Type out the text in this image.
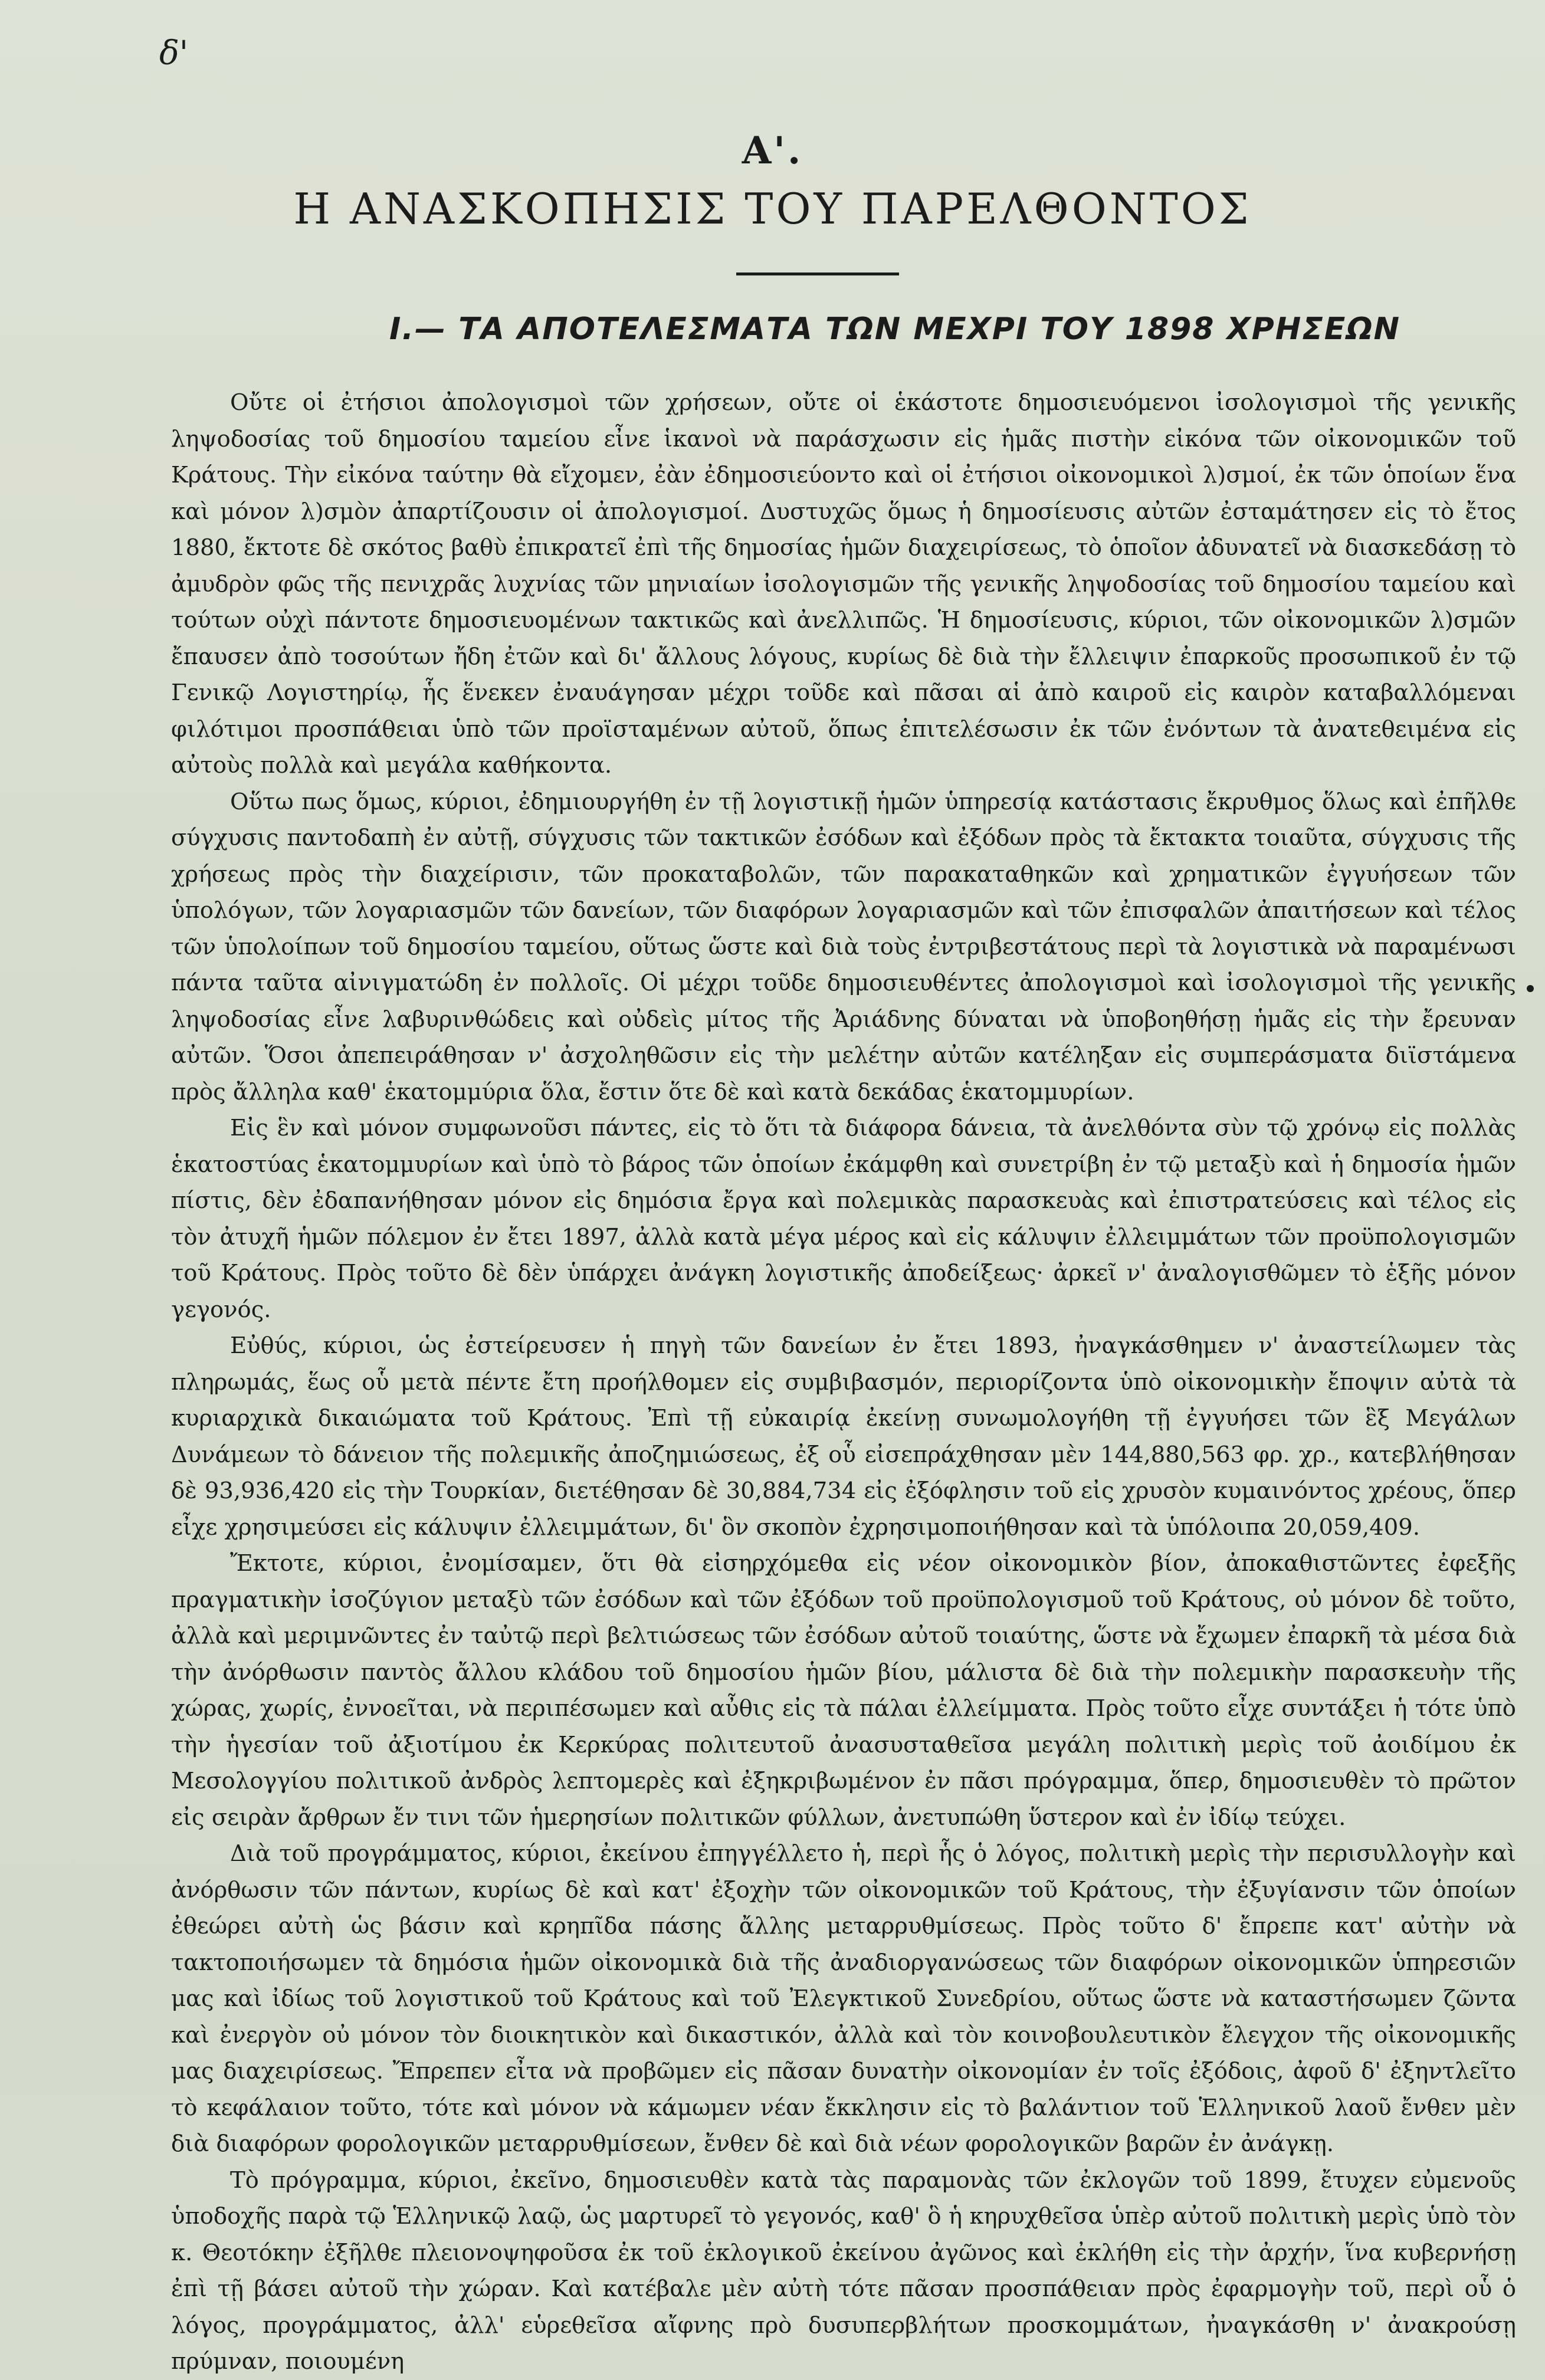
δ'
Α'.
Η ΑΝΑΣΚΟΠΗΣΙΣ ΤΟΥ ΠΑΡΕΛΘΟΝΤΟΣ
I.— ΤΑ ΑΠΟΤΕΛΕΣΜΑΤΑ ΤΩΝ ΜΕΧΡΙ ΤΟΥ 1898 ΧΡΗΣΕΩΝ

Οὔτε οἱ ἐτήσιοι ἀπολογισμοὶ τῶν χρήσεων, οὔτε οἱ ἑκάστοτε δημοσιευόμενοι ἰσολογισμοὶ τῆς γενικῆς ληψοδοσίας τοῦ δημοσίου ταμείου εἶνε ἱκανοὶ νὰ παράσχωσιν εἰς ἡμᾶς πιστὴν εἰκόνα τῶν οἰκονομικῶν τοῦ Κράτους. Τὴν εἰκόνα ταύτην θὰ εἴχομεν, ἐὰν ἐδημοσιεύοντο καὶ οἱ ἐτήσιοι οἰκονομικοὶ λ)σμοί, ἐκ τῶν ὁποίων ἕνα καὶ μόνον λ)σμὸν ἀπαρτίζουσιν οἱ ἀπολογισμοί. Δυστυχῶς ὅμως ἡ δημοσίευσις αὐτῶν ἐσταμάτησεν εἰς τὸ ἔτος 1880, ἔκτοτε δὲ σκότος βαθὺ ἐπικρατεῖ ἐπὶ τῆς δημοσίας ἡμῶν διαχειρίσεως, τὸ ὁποῖον ἀδυνατεῖ νὰ διασκεδάσῃ τὸ ἀμυδρὸν φῶς τῆς πενιχρᾶς λυχνίας τῶν μηνιαίων ἰσολογισμῶν τῆς γενικῆς ληψοδοσίας τοῦ δημοσίου ταμείου καὶ τούτων οὐχὶ πάντοτε δημοσιευομένων τακτικῶς καὶ ἀνελλιπῶς. Ἡ δημοσίευσις, κύριοι, τῶν οἰκονομικῶν λ)σμῶν ἔπαυσεν ἀπὸ τοσούτων ἤδη ἐτῶν καὶ δι' ἄλλους λόγους, κυρίως δὲ διὰ τὴν ἔλλειψιν ἐπαρκοῦς προσωπικοῦ ἐν τῷ Γενικῷ Λογιστηρίῳ, ἧς ἕνεκεν ἐναυάγησαν μέχρι τοῦδε καὶ πᾶσαι αἱ ἀπὸ καιροῦ εἰς καιρὸν καταβαλλόμεναι φιλότιμοι προσπάθειαι ὑπὸ τῶν προϊσταμένων αὐτοῦ, ὅπως ἐπιτελέσωσιν ἐκ τῶν ἐνόντων τὰ ἀνατεθειμένα εἰς αὐτοὺς πολλὰ καὶ μεγάλα καθήκοντα.

Οὕτω πως ὅμως, κύριοι, ἐδημιουργήθη ἐν τῇ λογιστικῇ ἡμῶν ὑπηρεσίᾳ κατάστασις ἔκρυθμος ὅλως καὶ ἐπῆλθε σύγχυσις παντοδαπὴ ἐν αὐτῇ, σύγχυσις τῶν τακτικῶν ἐσόδων καὶ ἐξόδων πρὸς τὰ ἔκτακτα τοιαῦτα, σύγχυσις τῆς χρήσεως πρὸς τὴν διαχείρισιν, τῶν προκαταβολῶν, τῶν παρακαταθηκῶν καὶ χρηματικῶν ἐγγυήσεων τῶν ὑπολόγων, τῶν λογαριασμῶν τῶν δανείων, τῶν διαφόρων λογαριασμῶν καὶ τῶν ἐπισφαλῶν ἀπαιτήσεων καὶ τέλος τῶν ὑπολοίπων τοῦ δημοσίου ταμείου, οὕτως ὥστε καὶ διὰ τοὺς ἐντριβεστάτους περὶ τὰ λογιστικὰ νὰ παραμένωσι πάντα ταῦτα αἰνιγματώδη ἐν πολλοῖς. Οἱ μέχρι τοῦδε δημοσιευθέντες ἀπολογισμοὶ καὶ ἰσολογισμοὶ τῆς γενικῆς ληψοδοσίας εἶνε λαβυρινθώδεις καὶ οὐδεὶς μίτος τῆς Ἀριάδνης δύναται νὰ ὑποβοηθήσῃ ἡμᾶς εἰς τὴν ἔρευναν αὐτῶν. Ὅσοι ἀπεπειράθησαν ν' ἀσχοληθῶσιν εἰς τὴν μελέτην αὐτῶν κατέληξαν εἰς συμπεράσματα διϊστάμενα πρὸς ἄλληλα καθ' ἑκατομμύρια ὅλα, ἔστιν ὅτε δὲ καὶ κατὰ δεκάδας ἑκατομμυρίων.

Εἰς ἓν καὶ μόνον συμφωνοῦσι πάντες, εἰς τὸ ὅτι τὰ διάφορα δάνεια, τὰ ἀνελθόντα σὺν τῷ χρόνῳ εἰς πολλὰς ἑκατοστύας ἑκατομμυρίων καὶ ὑπὸ τὸ βάρος τῶν ὁποίων ἐκάμφθη καὶ συνετρίβη ἐν τῷ μεταξὺ καὶ ἡ δημοσία ἡμῶν πίστις, δὲν ἐδαπανήθησαν μόνον εἰς δημόσια ἔργα καὶ πολεμικὰς παρασκευὰς καὶ ἐπιστρατεύσεις καὶ τέλος εἰς τὸν ἀτυχῆ ἡμῶν πόλεμον ἐν ἔτει 1897, ἀλλὰ κατὰ μέγα μέρος καὶ εἰς κάλυψιν ἐλλειμμάτων τῶν προϋπολογισμῶν τοῦ Κράτους. Πρὸς τοῦτο δὲ δὲν ὑπάρχει ἀνάγκη λογιστικῆς ἀποδείξεως· ἀρκεῖ ν' ἀναλογισθῶμεν τὸ ἑξῆς μόνον γεγονός.

Εὐθύς, κύριοι, ὡς ἐστείρευσεν ἡ πηγὴ τῶν δανείων ἐν ἔτει 1893, ἠναγκάσθημεν ν' ἀναστείλωμεν τὰς πληρωμάς, ἕως οὗ μετὰ πέντε ἔτη προήλθομεν εἰς συμβιβασμόν, περιορίζοντα ὑπὸ οἰκονομικὴν ἔποψιν αὐτὰ τὰ κυριαρχικὰ δικαιώματα τοῦ Κράτους. Ἐπὶ τῇ εὐκαιρίᾳ ἐκείνῃ συνωμολογήθη τῇ ἐγγυήσει τῶν ἓξ Μεγάλων Δυνάμεων τὸ δάνειον τῆς πολεμικῆς ἀποζημιώσεως, ἐξ οὗ εἰσεπράχθησαν μὲν 144,880,563 φρ. χρ., κατεβλήθησαν δὲ 93,936,420 εἰς τὴν Τουρκίαν, διετέθησαν δὲ 30,884,734 εἰς ἐξόφλησιν τοῦ εἰς χρυσὸν κυμαινόντος χρέους, ὅπερ εἶχε χρησιμεύσει εἰς κάλυψιν ἐλλειμμάτων, δι' ὃν σκοπὸν ἐχρησιμοποιήθησαν καὶ τὰ ὑπόλοιπα 20,059,409.

Ἔκτοτε, κύριοι, ἐνομίσαμεν, ὅτι θὰ εἰσηρχόμεθα εἰς νέον οἰκονομικὸν βίον, ἀποκαθιστῶντες ἐφεξῆς πραγματικὴν ἰσοζύγιον μεταξὺ τῶν ἐσόδων καὶ τῶν ἐξόδων τοῦ προϋπολογισμοῦ τοῦ Κράτους, οὐ μόνον δὲ τοῦτο, ἀλλὰ καὶ μεριμνῶντες ἐν ταὐτῷ περὶ βελτιώσεως τῶν ἐσόδων αὐτοῦ τοιαύτης, ὥστε νὰ ἔχωμεν ἐπαρκῆ τὰ μέσα διὰ τὴν ἀνόρθωσιν παντὸς ἄλλου κλάδου τοῦ δημοσίου ἡμῶν βίου, μάλιστα δὲ διὰ τὴν πολεμικὴν παρασκευὴν τῆς χώρας, χωρίς, ἐννοεῖται, νὰ περιπέσωμεν καὶ αὖθις εἰς τὰ πάλαι ἐλλείμματα. Πρὸς τοῦτο εἶχε συντάξει ἡ τότε ὑπὸ τὴν ἡγεσίαν τοῦ ἀξιοτίμου ἐκ Κερκύρας πολιτευτοῦ ἀνασυσταθεῖσα μεγάλη πολιτικὴ μερὶς τοῦ ἀοιδίμου ἐκ Μεσολογγίου πολιτικοῦ ἀνδρὸς λεπτομερὲς καὶ ἐξηκριβωμένον ἐν πᾶσι πρόγραμμα, ὅπερ, δημοσιευθὲν τὸ πρῶτον εἰς σειρὰν ἄρθρων ἔν τινι τῶν ἡμερησίων πολιτικῶν φύλλων, ἀνετυπώθη ὕστερον καὶ ἐν ἰδίῳ τεύχει.

Διὰ τοῦ προγράμματος, κύριοι, ἐκείνου ἐπηγγέλλετο ἡ, περὶ ἧς ὁ λόγος, πολιτικὴ μερὶς τὴν περισυλλογὴν καὶ ἀνόρθωσιν τῶν πάντων, κυρίως δὲ καὶ κατ' ἐξοχὴν τῶν οἰκονομικῶν τοῦ Κράτους, τὴν ἐξυγίανσιν τῶν ὁποίων ἐθεώρει αὐτὴ ὡς βάσιν καὶ κρηπῖδα πάσης ἄλλης μεταρρυθμίσεως. Πρὸς τοῦτο δ' ἔπρεπε κατ' αὐτὴν νὰ τακτοποιήσωμεν τὰ δημόσια ἡμῶν οἰκονομικὰ διὰ τῆς ἀναδιοργανώσεως τῶν διαφόρων οἰκονομικῶν ὑπηρεσιῶν μας καὶ ἰδίως τοῦ λογιστικοῦ τοῦ Κράτους καὶ τοῦ Ἐλεγκτικοῦ Συνεδρίου, οὕτως ὥστε νὰ καταστήσωμεν ζῶντα καὶ ἐνεργὸν οὐ μόνον τὸν διοικητικὸν καὶ δικαστικόν, ἀλλὰ καὶ τὸν κοινοβουλευτικὸν ἔλεγχον τῆς οἰκονομικῆς μας διαχειρίσεως. Ἔπρεπεν εἶτα νὰ προβῶμεν εἰς πᾶσαν δυνατὴν οἰκονομίαν ἐν τοῖς ἐξόδοις, ἀφοῦ δ' ἐξηντλεῖτο τὸ κεφάλαιον τοῦτο, τότε καὶ μόνον νὰ κάμωμεν νέαν ἔκκλησιν εἰς τὸ βαλάντιον τοῦ Ἑλληνικοῦ λαοῦ ἔνθεν μὲν διὰ διαφόρων φορολογικῶν μεταρρυθμίσεων, ἔνθεν δὲ καὶ διὰ νέων φορολογικῶν βαρῶν ἐν ἀνάγκῃ.

Τὸ πρόγραμμα, κύριοι, ἐκεῖνο, δημοσιευθὲν κατὰ τὰς παραμονὰς τῶν ἐκλογῶν τοῦ 1899, ἔτυχεν εὐμενοῦς ὑποδοχῆς παρὰ τῷ Ἑλληνικῷ λαῷ, ὡς μαρτυρεῖ τὸ γεγονός, καθ' ὃ ἡ κηρυχθεῖσα ὑπὲρ αὐτοῦ πολιτικὴ μερὶς ὑπὸ τὸν κ. Θεοτόκην ἐξῆλθε πλειονοψηφοῦσα ἐκ τοῦ ἐκλογικοῦ ἐκείνου ἀγῶνος καὶ ἐκλήθη εἰς τὴν ἀρχήν, ἵνα κυβερνήσῃ ἐπὶ τῇ βάσει αὐτοῦ τὴν χώραν. Καὶ κατέβαλε μὲν αὐτὴ τότε πᾶσαν προσπάθειαν πρὸς ἐφαρμογὴν τοῦ, περὶ οὗ ὁ λόγος, προγράμματος, ἀλλ' εὑρεθεῖσα αἴφνης πρὸ δυσυπερβλήτων προσκομμάτων, ἠναγκάσθη ν' ἀνακρούσῃ πρύμναν, ποιουμένη
